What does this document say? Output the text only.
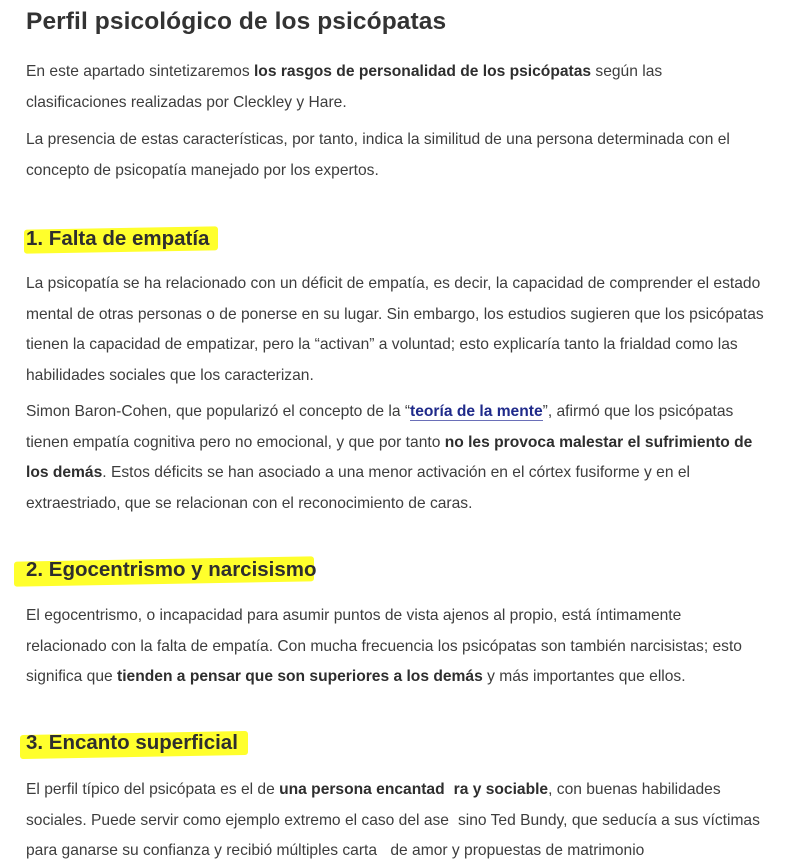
Perfil psicológico de los psicópatas

En este apartado sintetizaremos los rasgos de personalidad de los psicópatas según las clasificaciones realizadas por Cleckley y Hare.

La presencia de estas características, por tanto, indica la similitud de una persona determinada con el concepto de psicopatía manejado por los expertos.

1. Falta de empatía

La psicopatía se ha relacionado con un déficit de empatía, es decir, la capacidad de comprender el estado mental de otras personas o de ponerse en su lugar. Sin embargo, los estudios sugieren que los psicópatas tienen la capacidad de empatizar, pero la “activan” a voluntad; esto explicaría tanto la frialdad como las habilidades sociales que los caracterizan.

Simon Baron-Cohen, que popularizó el concepto de la “teoría de la mente”, afirmó que los psicópatas tienen empatía cognitiva pero no emocional, y que por tanto no les provoca malestar el sufrimiento de los demás. Estos déficits se han asociado a una menor activación en el córtex fusiforme y en el extraestriado, que se relacionan con el reconocimiento de caras.

2. Egocentrismo y narcisismo

El egocentrismo, o incapacidad para asumir puntos de vista ajenos al propio, está íntimamente relacionado con la falta de empatía. Con mucha frecuencia los psicópatas son también narcisistas; esto significa que tienden a pensar que son superiores a los demás y más importantes que ellos.

3. Encanto superficial

El perfil típico del psicópata es el de una persona encantad ra y sociable, con buenas habilidades sociales. Puede servir como ejemplo extremo el caso del ase sino Ted Bundy, que seducía a sus víctimas para ganarse su confianza y recibió múltiples carta de amor y propuestas de matrimonio
